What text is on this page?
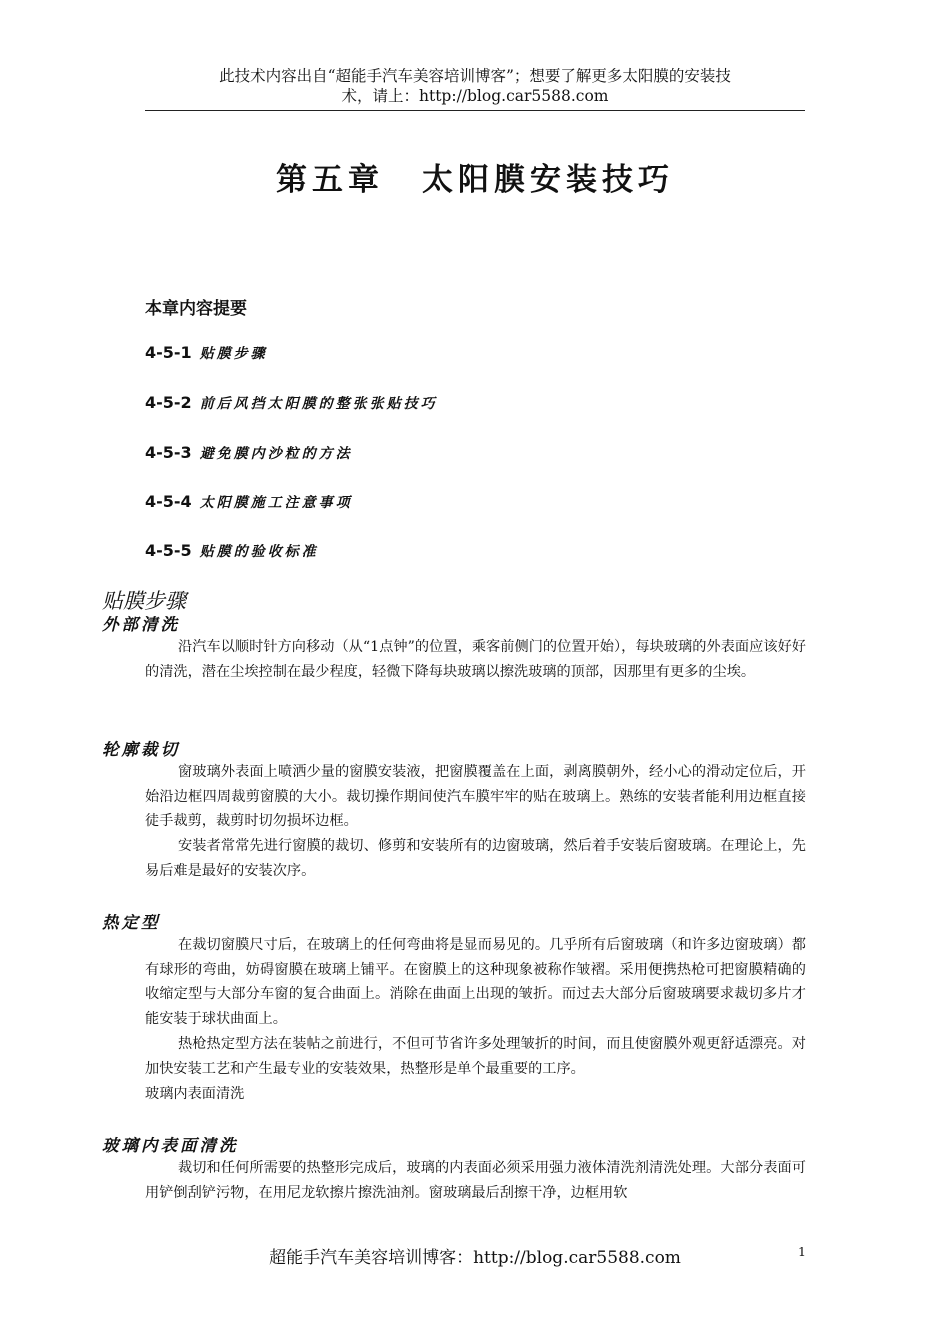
此技术内容出自“超能手汽车美容培训博客”；想要了解更多太阳膜的安装技
术，请上：http://blog.car5588.com
第五章 太阳膜安装技巧
本章内容提要
4-5-1 贴膜步骤
4-5-2 前后风挡太阳膜的整张张贴技巧
4-5-3 避免膜内沙粒的方法
4-5-4 太阳膜施工注意事项
4-5-5 贴膜的验收标准
贴膜步骤
外部清洗

沿汽车以顺时针方向移动（从“1点钟”的位置，乘客前侧门的位置开始），每块玻璃的外表面应该好好的清洗，潜在尘埃控制在最少程度，轻微下降每块玻璃以擦洗玻璃的顶部，因那里有更多的尘埃。

轮廓裁切

窗玻璃外表面上喷洒少量的窗膜安装液，把窗膜覆盖在上面，剥离膜朝外，经小心的滑动定位后，开始沿边框四周裁剪窗膜的大小。裁切操作期间使汽车膜牢牢的贴在玻璃上。熟练的安装者能利用边框直接徒手裁剪，裁剪时切勿损坏边框。

安装者常常先进行窗膜的裁切、修剪和安装所有的边窗玻璃，然后着手安装后窗玻璃。在理论上，先易后难是最好的安装次序。

热定型

在裁切窗膜尺寸后，在玻璃上的任何弯曲将是显而易见的。几乎所有后窗玻璃（和许多边窗玻璃）都有球形的弯曲，妨碍窗膜在玻璃上铺平。在窗膜上的这种现象被称作皱褶。采用便携热枪可把窗膜精确的收缩定型与大部分车窗的复合曲面上。消除在曲面上出现的皱折。而过去大部分后窗玻璃要求裁切多片才能安装于球状曲面上。

热枪热定型方法在装帖之前进行，不但可节省许多处理皱折的时间，而且使窗膜外观更舒适漂亮。对加快安装工艺和产生最专业的安装效果，热整形是单个最重要的工序。

玻璃内表面清洗

玻璃内表面清洗

裁切和任何所需要的热整形完成后，玻璃的内表面必须采用强力液体清洗剂清洗处理。大部分表面可用铲倒刮铲污物，在用尼龙软擦片擦洗油剂。窗玻璃最后刮擦干净，边框用软

超能手汽车美容培训博客：http://blog.car5588.com	1
